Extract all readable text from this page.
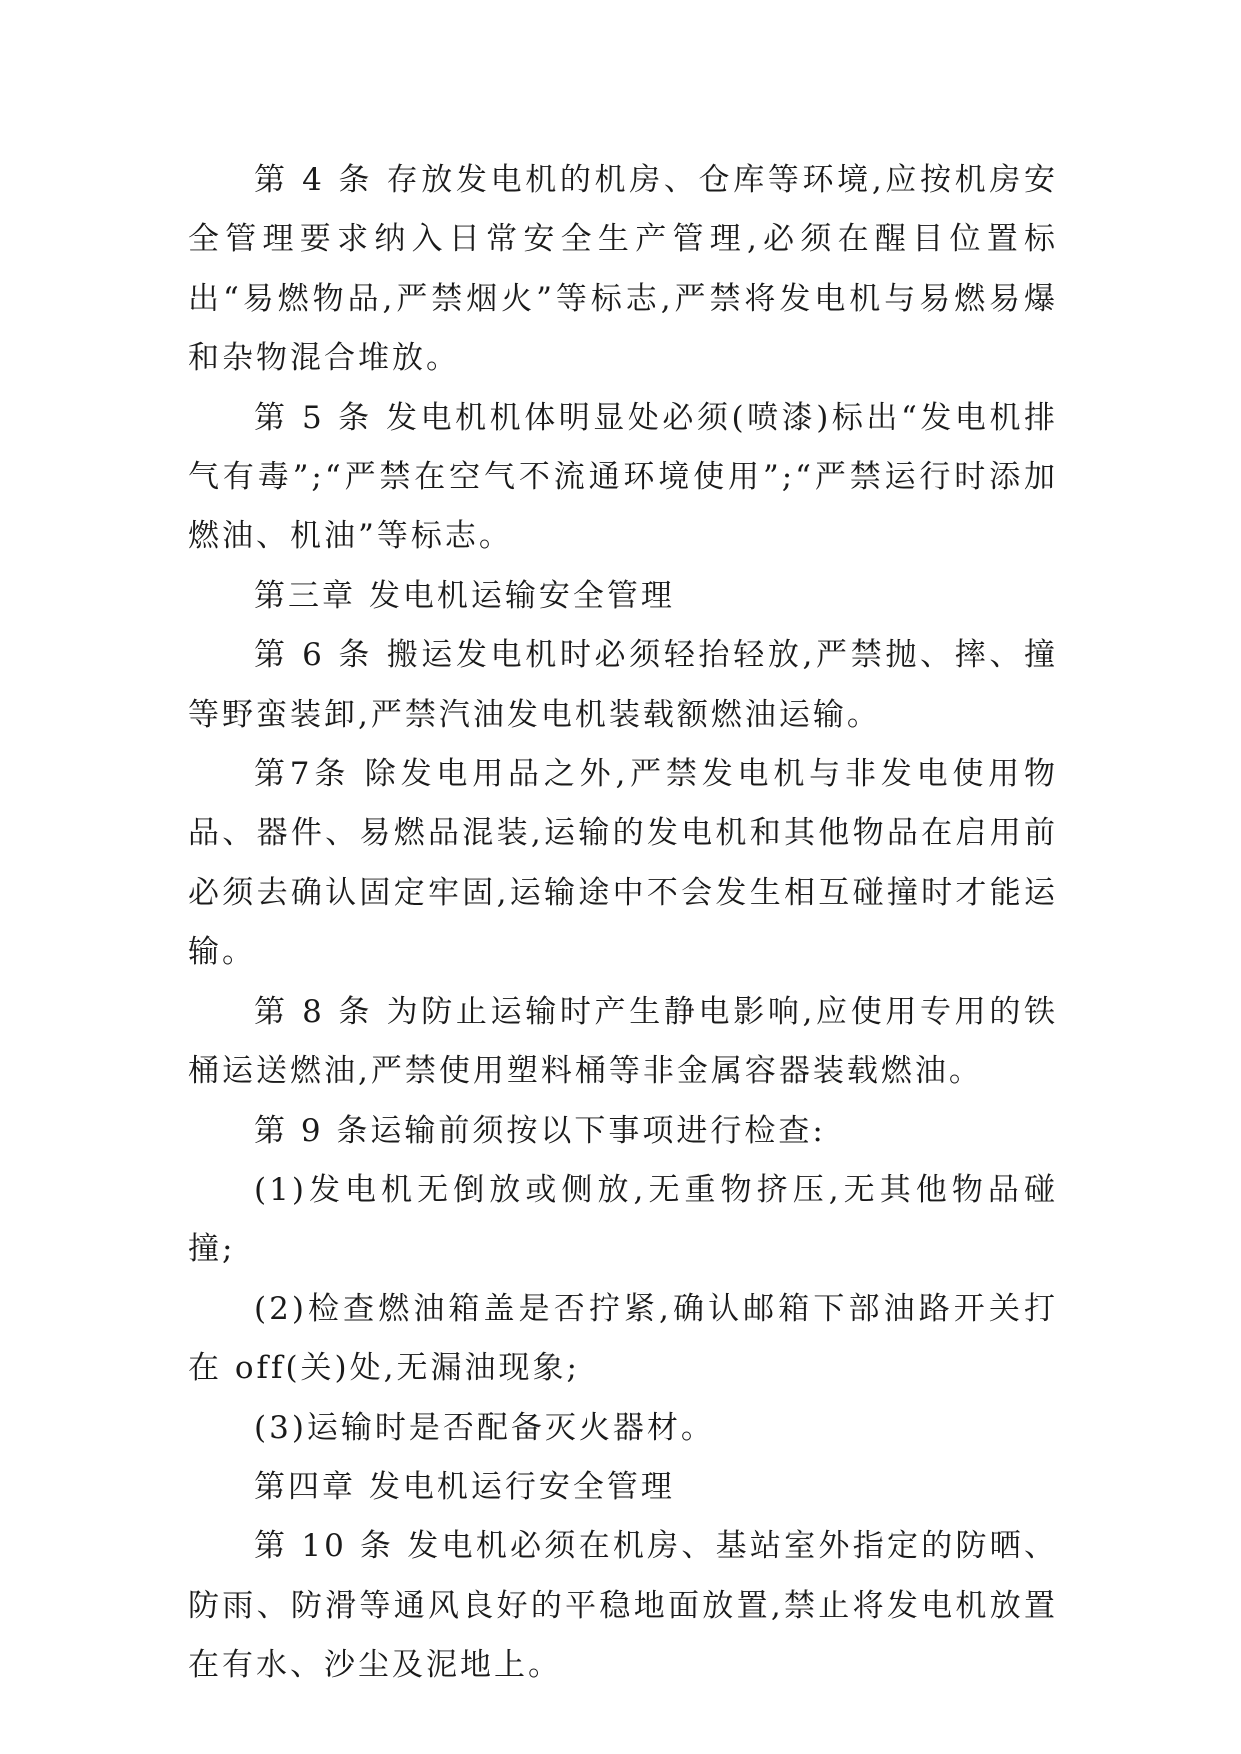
第 4 条 存放发电机的机房、仓库等环境,应按机房安全管理要求纳入日常安全生产管理,必须在醒目位置标出“易燃物品,严禁烟火”等标志,严禁将发电机与易燃易爆和杂物混合堆放。

第 5 条 发电机机体明显处必须(喷漆)标出“发电机排气有毒”;“严禁在空气不流通环境使用”;“严禁运行时添加燃油、机油”等标志。

第三章 发电机运输安全管理

第 6 条 搬运发电机时必须轻抬轻放,严禁抛、摔、撞等野蛮装卸,严禁汽油发电机装载额燃油运输。

第7条 除发电用品之外,严禁发电机与非发电使用物品、器件、易燃品混装,运输的发电机和其他物品在启用前必须去确认固定牢固,运输途中不会发生相互碰撞时才能运输。

第 8 条 为防止运输时产生静电影响,应使用专用的铁桶运送燃油,严禁使用塑料桶等非金属容器装载燃油。

第 9 条运输前须按以下事项进行检查:

(1)发电机无倒放或侧放,无重物挤压,无其他物品碰撞;

(2)检查燃油箱盖是否拧紧,确认邮箱下部油路开关打在 off(关)处,无漏油现象;

(3)运输时是否配备灭火器材。

第四章 发电机运行安全管理

第 10 条 发电机必须在机房、基站室外指定的防晒、防雨、防滑等通风良好的平稳地面放置,禁止将发电机放置在有水、沙尘及泥地上。
